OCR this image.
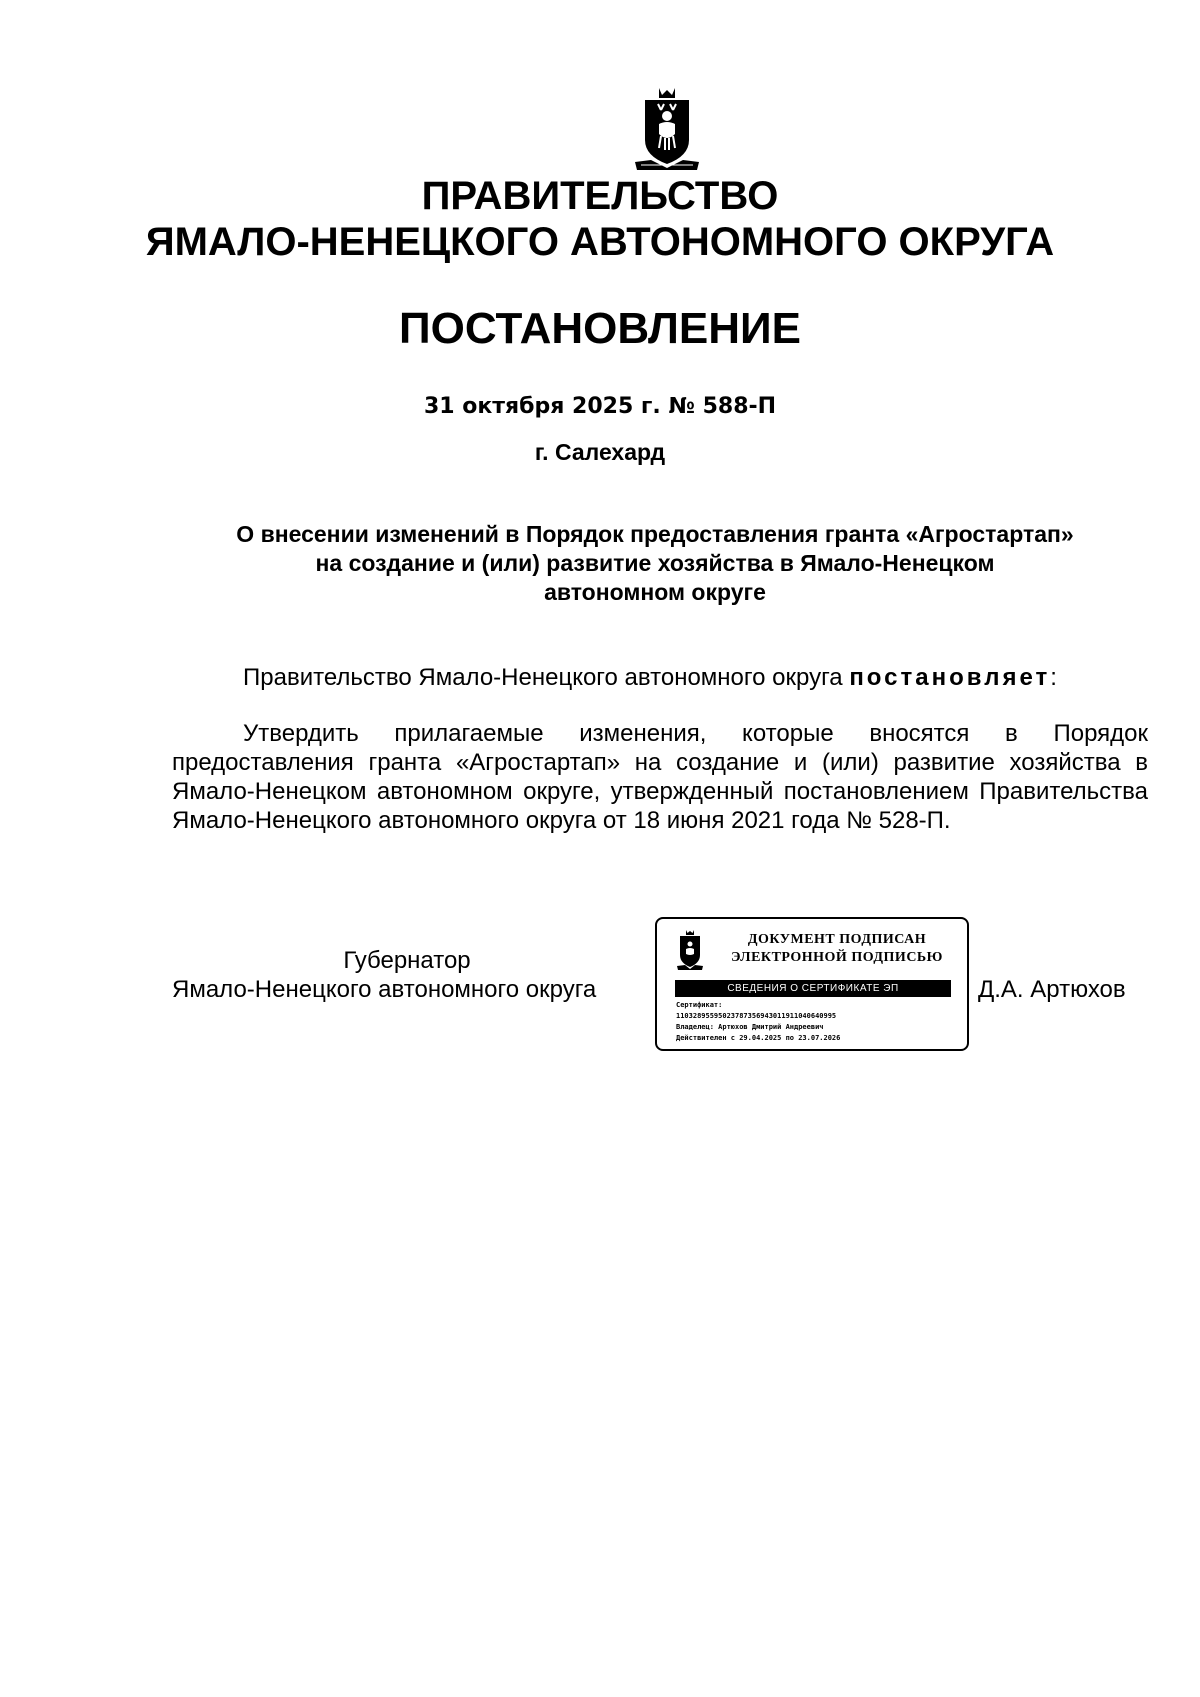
ПРАВИТЕЛЬСТВО
ЯМАЛО-НЕНЕЦКОГО АВТОНОМНОГО ОКРУГА
ПОСТАНОВЛЕНИЕ
31 октября 2025 г. № 588-П
г. Салехард
О внесении изменений в Порядок предоставления гранта «Агростартап»
на создание и (или) развитие хозяйства в Ямало-Ненецком
автономном округе

Правительство Ямало-Ненецкого автономного округа постановляет:

Утвердить прилагаемые изменения, которые вносятся в Порядок предоставления гранта «Агростартап» на создание и (или) развитие хозяйства в Ямало-Ненецком автономном округе, утвержденный постановлением Правительства Ямало-Ненецкого автономного округа от 18 июня 2021 года № 528-П.

Губернатор
Ямало-Ненецкого автономного округа
ДОКУМЕНТ ПОДПИСАН
ЭЛЕКТРОННОЙ ПОДПИСЬЮ
СВЕДЕНИЯ О СЕРТИФИКАТЕ ЭП
Сертификат:
11032895595023787356943011911040640995
Владелец: Артюхов Дмитрий Андреевич
Действителен с 29.04.2025 по 23.07.2026
Д.А. Артюхов
